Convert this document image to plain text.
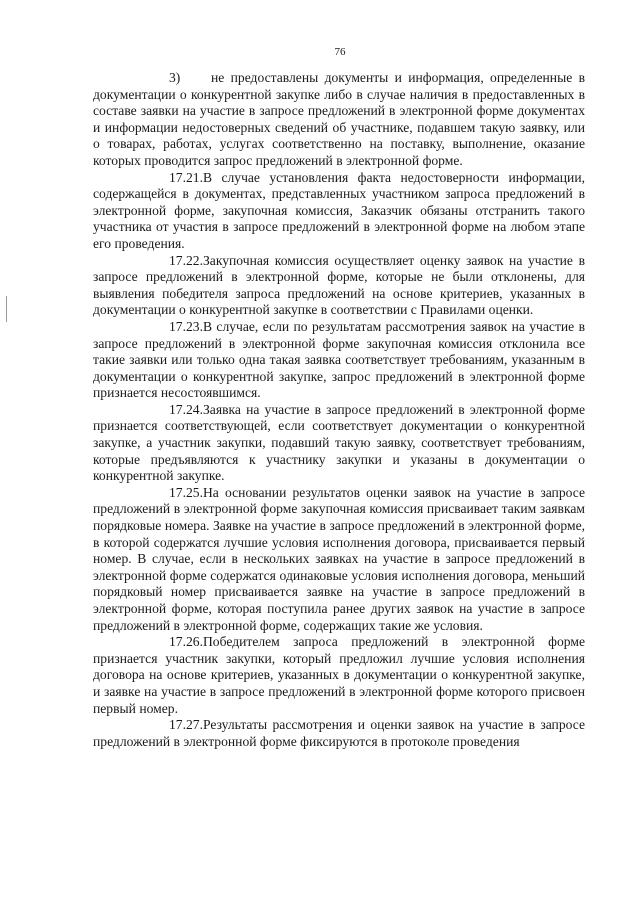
76

3) не предоставлены документы и информация, определенные в документации о конкурентной закупке либо в случае наличия в предоставленных в составе заявки на участие в запросе предложений в электронной форме документах и информации недостоверных сведений об участнике, подавшем такую заявку, или о товарах, работах, услугах соответственно на поставку, выполнение, оказание которых проводится запрос предложений в электронной форме.

17.21.В случае установления факта недостоверности информации, содержащейся в документах, представленных участником запроса предложений в электронной форме, закупочная комиссия, Заказчик обязаны отстранить такого участника от участия в запросе предложений в электронной форме на любом этапе его проведения.

17.22.Закупочная комиссия осуществляет оценку заявок на участие в запросе предложений в электронной форме, которые не были отклонены, для выявления победителя запроса предложений на основе критериев, указанных в документации о конкурентной закупке в соответствии с Правилами оценки.

17.23.В случае, если по результатам рассмотрения заявок на участие в запросе предложений в электронной форме закупочная комиссия отклонила все такие заявки или только одна такая заявка соответствует требованиям, указанным в документации о конкурентной закупке, запрос предложений в электронной форме признается несостоявшимся.

17.24.Заявка на участие в запросе предложений в электронной форме признается соответствующей, если соответствует документации о конкурентной закупке, а участник закупки, подавший такую заявку, соответствует требованиям, которые предъявляются к участнику закупки и указаны в документации о конкурентной закупке.

17.25.На основании результатов оценки заявок на участие в запросе предложений в электронной форме закупочная комиссия присваивает таким заявкам порядковые номера. Заявке на участие в запросе предложений в электронной форме, в которой содержатся лучшие условия исполнения договора, присваивается первый номер. В случае, если в нескольких заявках на участие в запросе предложений в электронной форме содержатся одинаковые условия исполнения договора, меньший порядковый номер присваивается заявке на участие в запросе предложений в электронной форме, которая поступила ранее других заявок на участие в запросе предложений в электронной форме, содержащих такие же условия.

17.26.Победителем запроса предложений в электронной форме признается участник закупки, который предложил лучшие условия исполнения договора на основе критериев, указанных в документации о конкурентной закупке, и заявке на участие в запросе предложений в электронной форме которого присвоен первый номер.

17.27.Результаты рассмотрения и оценки заявок на участие в запросе предложений в электронной форме фиксируются в протоколе проведения
